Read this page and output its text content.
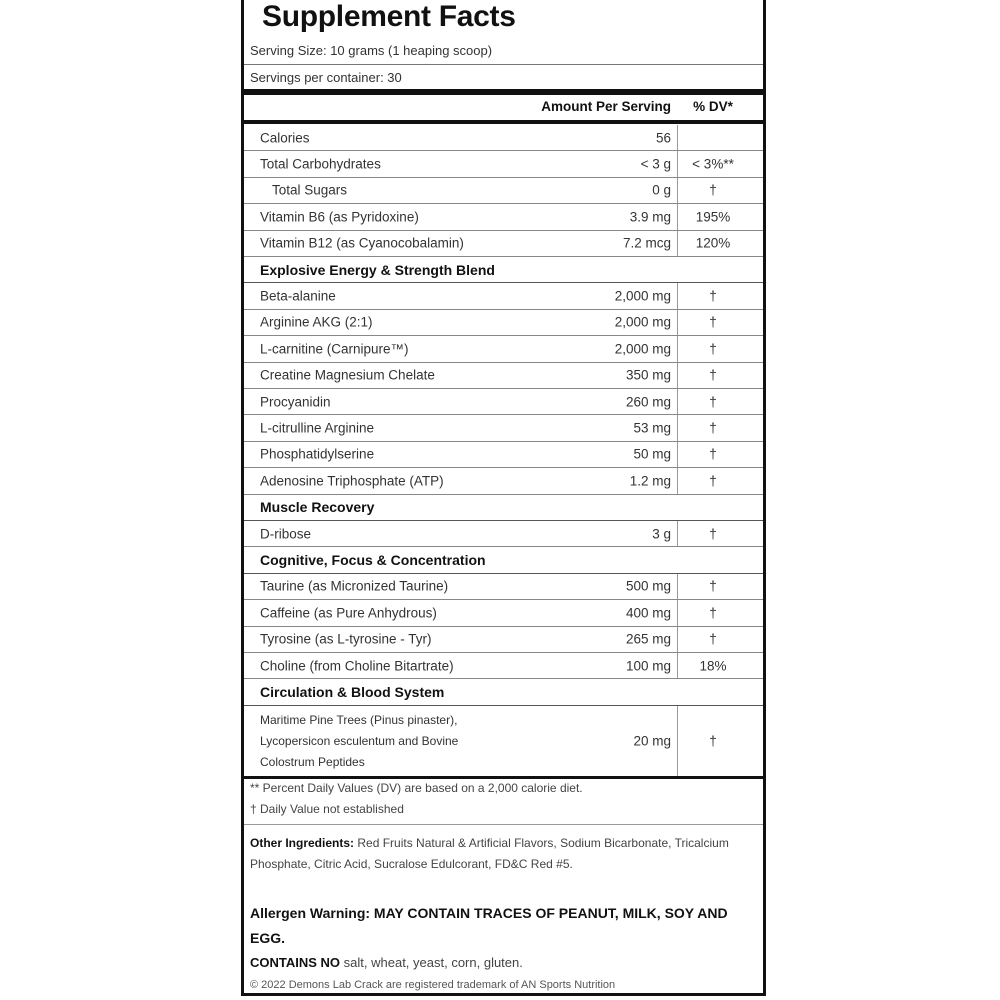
Supplement Facts
Serving Size: 10 grams (1 heaping scoop)
Servings per container: 30
Amount Per Serving	% DV*
Calories	56
Total Carbohydrates	< 3 g	< 3%**
Total Sugars	0 g	†
Vitamin B6 (as Pyridoxine)	3.9 mg	195%
Vitamin B12 (as Cyanocobalamin)	7.2 mcg	120%
Explosive Energy & Strength Blend
Beta-alanine	2,000 mg	†
Arginine AKG (2:1)	2,000 mg	†
L-carnitine (Carnipure™)	2,000 mg	†
Creatine Magnesium Chelate	350 mg	†
Procyanidin	260 mg	†
L-citrulline Arginine	53 mg	†
Phosphatidylserine	50 mg	†
Adenosine Triphosphate (ATP)	1.2 mg	†
Muscle Recovery
D-ribose	3 g	†
Cognitive, Focus & Concentration
Taurine (as Micronized Taurine)	500 mg	†
Caffeine (as Pure Anhydrous)	400 mg	†
Tyrosine (as L-tyrosine - Tyr)	265 mg	†
Choline (from Choline Bitartrate)	100 mg	18%
Circulation & Blood System
Maritime Pine Trees (Pinus pinaster),
Lycopersicon esculentum and Bovine
Colostrum Peptides
20 mg	†
** Percent Daily Values (DV) are based on a 2,000 calorie diet.
† Daily Value not established
Other Ingredients: Red Fruits Natural & Artificial Flavors, Sodium Bicarbonate, Tricalcium Phosphate, Citric Acid, Sucralose Edulcorant, FD&C Red #5.
Allergen Warning: MAY CONTAIN TRACES OF PEANUT, MILK, SOY AND EGG.
CONTAINS NO salt, wheat, yeast, corn, gluten.
© 2022 Demons Lab Crack are registered trademark of AN Sports Nutrition
